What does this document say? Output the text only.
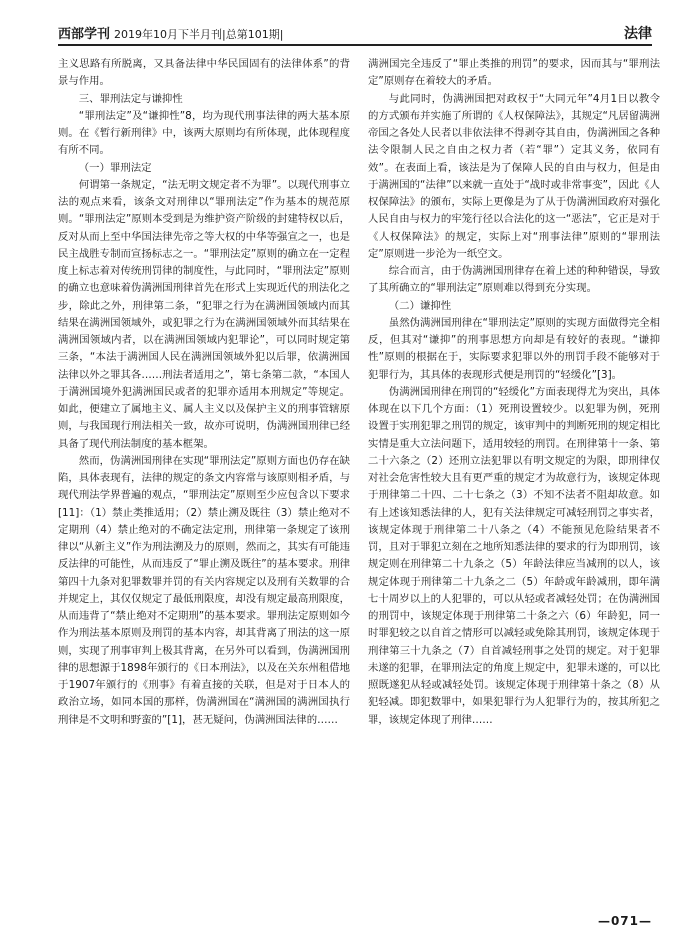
西部学刊 2019年10月下半月刊|总第101期|	法律

主义思路有所脱离，又具备法律中华民国固有的法律体系”的背景与作用。

三、罪刑法定与谦抑性

“罪刑法定”及“谦抑性”8，均为现代刑事法律的两大基本原则。在《暂行新刑律》中，该两大原则均有所体现，此体现程度有所不同。

（一）罪刑法定

何谓第一条规定，“法无明文规定者不为罪”。以现代刑事立法的观点来看，该条文对刑律以“罪刑法定”作为基本的规范原则。“罪刑法定”原则本受到是为维护资产阶级的封建特权以后，反对从而上至中华国法律先帝之等大权的中华等强宣之一，也是民主战胜专制而宣扬标志之一。“罪刑法定”原则的确立在一定程度上标志着对传统刑罚律的制度性，与此同时，“罪刑法定”原则的确立也意味着伪满洲国刑律首先在形式上实现近代的刑法化之步，除此之外，刑律第二条，“犯罪之行为在满洲国领域内而其结果在满洲国领域外，或犯罪之行为在满洲国领域外而其结果在满洲国领域内者，以在满洲国领域内犯罪论”，可以同时规定第三条，“本法于满洲国人民在满洲国领域外犯以后罪，依满洲国法律以外之罪其各……刑法者适用之”，第七条第二款，“本国人于满洲国境外犯满洲国民或者的犯罪亦适用本刑规定”等规定。如此，便建立了属地主义、属人主义以及保护主义的刑事管辖原则，与我国现行刑法相关一致，故亦可说明，伪满洲国刑律已经具备了现代刑法制度的基本框架。

然而，伪满洲国刑律在实现“罪刑法定”原则方面也仍存在缺陷，具体表现有，法律的规定的条文内容常与该原则相矛盾，与现代刑法学界普遍的观点，“罪刑法定”原则至少应包含以下要求[11]：（1）禁止类推适用；（2）禁止溯及既往（3）禁止绝对不定期刑（4）禁止绝对的不确定法定刑，刑律第一条规定了该刑律以“从新主义”作为刑法溯及力的原则，然而之，其实有可能违反法律的可能性，从而违反了“罪止溯及既往”的基本要求。刑律第四十九条对犯罪数罪并罚的有关内容规定以及刑有关数罪的合并规定上，其仅仅规定了最低刑限度，却没有规定最高刑限度，从而违背了“禁止绝对不定期刑”的基本要求。罪刑法定原则如今作为刑法基本原则及刑罚的基本内容，却其背离了刑法的这一原则，实现了刑事审判上极其背离，在另外可以看到，伪满洲国刑律的思想源于1898年颁行的《日本刑法》，以及在关东州租借地于1907年颁行的《刑事》有着直接的关联，但是对于日本人的政治立场，如同本国的那样，伪满洲国在“满洲国的满洲国执行刑律是不文明和野蛮的”[1]，甚无疑问，伪满洲国法律的……

满洲国完全违反了“罪止类推的刑罚”的要求，因而其与“罪刑法定”原则存在着较大的矛盾。

与此同时，伪满洲国把对政权于“大同元年”4月1日以教令的方式颁布并实施了所谓的《人权保障法》，其规定“凡居留满洲帝国之各处人民者以非依法律不得剥夺其自由，伪满洲国之各种法令限制人民之自由之权力者（若“罪”）定其义务，依同有效”。在表面上看，该法是为了保障人民的自由与权力，但是由于满洲国的“法律”以来就一直处于“战时或非常事变”，因此《人权保障法》的颁布，实际上更像是为了从于伪满洲国政府对强化人民自由与权力的牢笼行径以合法化的这一“恶法”，它正是对于《人权保障法》的规定，实际上对“刑事法律”原则的“罪刑法定”原则进一步沦为一纸空文。

综合而言，由于伪满洲国刑律存在着上述的种种错误，导致了其所确立的“罪刑法定”原则难以得到充分实现。

（二）谦抑性

虽然伪满洲国刑律在“罪刑法定”原则的实现方面做得完全相反，但其对“谦抑”的刑事思想方向却是有较好的表现。“谦抑性”原则的根据在于，实际要求犯罪以外的刑罚手段不能够对于犯罪行为，其具体的表现形式便是刑罚的“轻缓化”[3]。

伪满洲国刑律在刑罚的“轻缓化”方面表现得尤为突出，具体体现在以下几个方面：（1）死刑设置较少。以犯罪为例，死刑设置于实刑犯罪之刑罚的规定，该审判中的判断死刑的规定相比实情是重大立法问题下，适用较轻的刑罚。在刑律第十一条、第二十六条之（2）还刑立法犯罪以有明文规定的为限，即刑律仅对社会危害性较大且有更严重的规定才为故意行为，该规定体现于刑律第二十四、二十七条之（3）不知不法者不阻却故意。如有上述该知悉法律的人，犯有关法律规定可减轻刑罚之事实者，该规定体现于刑律第二十八条之（4）不能预见危险结果者不罚，且对于罪犯立刻在之地所知悉法律的要求的行为即刑罚，该规定则在刑律第二十九条之（5）年龄法律应当减刑的以人，该规定体现于刑律第二十九条之二（5）年龄或年龄减刑，即年满七十周岁以上的人犯罪的，可以从轻或者减轻处罚；在伪满洲国的刑罚中，该规定体现于刑律第二十条之六（6）年龄犯，同一时罪犯较之以自首之情形可以减轻或免除其刑罚，该规定体现于刑律第三十九条之（7）自首减轻刑事之处罚的规定。对于犯罪未遂的犯罪，在罪刑法定的角度上规定中，犯罪未遂的，可以比照既遂犯从轻或减轻处罚。该规定体现于刑律第十条之（8）从犯轻减。即犯数罪中，如果犯罪行为人犯罪行为的，按其所犯之罪，该规定体现了刑律……

—071—
